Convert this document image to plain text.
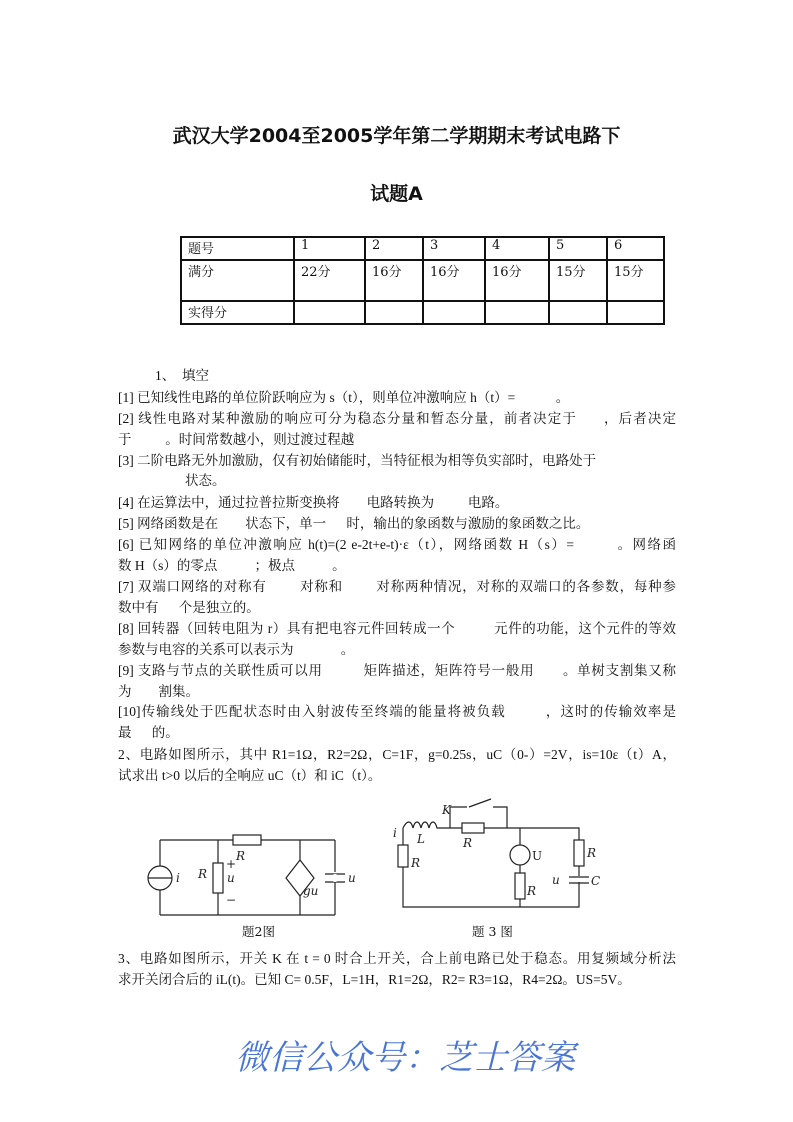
武汉大学2004至2005学年第二学期期末考试电路下
试题A
题号	1	2	3	4	5	6
满分	22分	16分	16分	16分	15分	15分
实得分						
1、  填空
[1] 已知线性电路的单位阶跃响应为 s（t），则单位冲激响应 h（t）=            。
[2] 线性电路对某种激励的响应可分为稳态分量和暂态分量，前者决定于      ，后者决定
于          。时间常数越小，则过渡过程越
[3] 二阶电路无外加激励，仅有初始储能时，当特征根为相等负实部时，电路处于
状态。
[4] 在运算法中，通过拉普拉斯变换将        电路转换为          电路。
[5] 网络函数是在        状态下，单一      时，输出的象函数与激励的象函数之比。
[6] 已知网络的单位冲激响应 h(t)=(2 e-2t+e-t)·ε（t），网络函数 H（s）=         。网络函
数 H（s）的零点           ；极点           。
[7] 双端口网络的对称有        对称和        对称两种情况，对称的双端口的各参数，每种参
数中有      个是独立的。
[8] 回转器（回转电阻为 r）具有把电容元件回转成一个          元件的功能，这个元件的等效
参数与电容的关系可以表示为              。
[9] 支路与节点的关联性质可以用          矩阵描述，矩阵符号一般用       。单树支割集又称
为        割集。
[10]传输线处于匹配状态时由入射波传至终端的能量将被负载         ，这时的传输效率是
最      的。
2、电路如图所示，其中 R1=1Ω，R2=2Ω，C=1F，g=0.25s，uC（0-）=2V，is=10ε（t）A，
试求出 t>0 以后的全响应 uC（t）和 iC（t）。
i R
R
u
+
−
gu
u
题2图
K
L
i
R
R	U
R
R
u	C
题 3 图
3、电路如图所示，开关 K 在 t = 0 时合上开关，合上前电路已处于稳态。用复频域分析法
求开关闭合后的 iL(t)。已知 C= 0.5F，L=1H，R1=2Ω，R2= R3=1Ω，R4=2Ω。US=5V。
微信公众号：芝士答案
